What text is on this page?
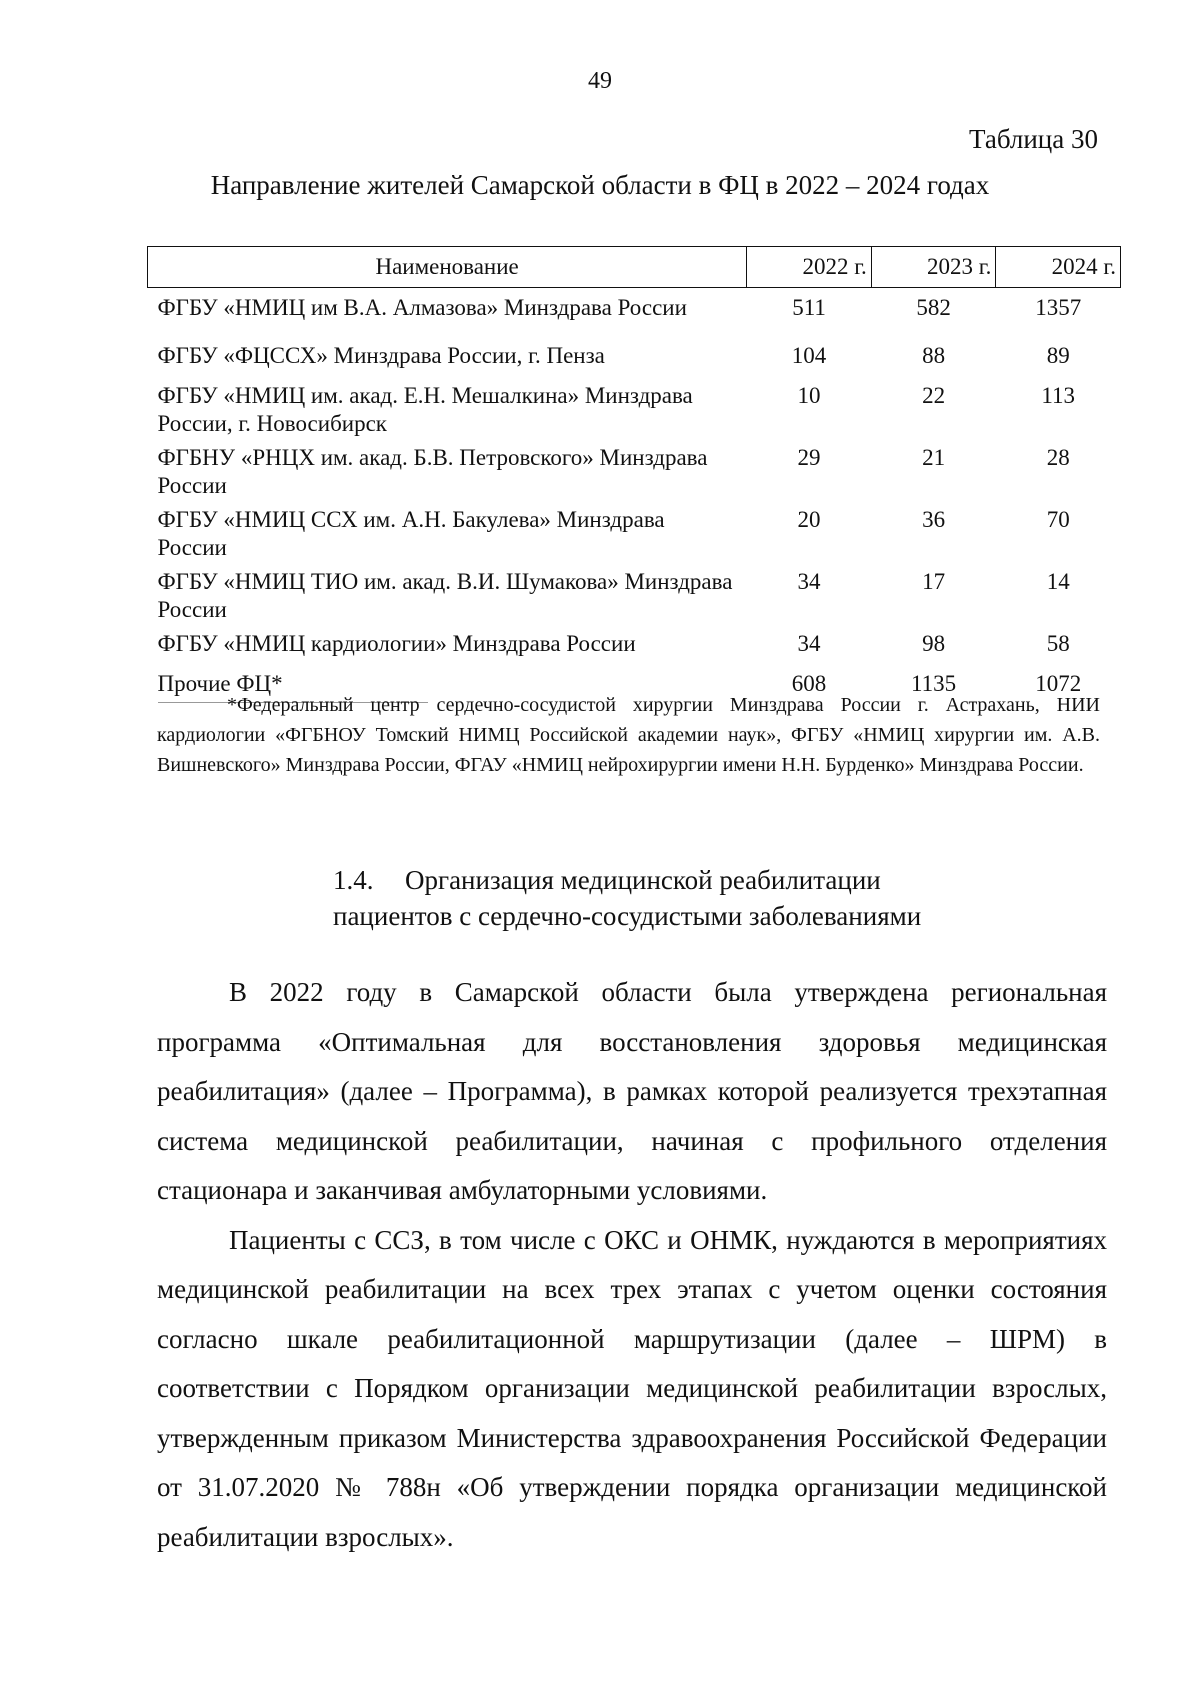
49
Таблица 30
Направление жителей Самарской области в ФЦ в 2022 – 2024 годах
Наименование	2022 г.	2023 г.	2024 г.
ФГБУ «НМИЦ им В.А. Алмазова» Минздрава России	511	582	1357
ФГБУ «ФЦССХ» Минздрава России, г. Пенза	104	88	89
ФГБУ «НМИЦ им. акад. Е.Н. Мешалкина» Минздрава России, г. Новосибирск	10	22	113
ФГБНУ «РНЦХ им. акад. Б.В. Петровского» Минздрава России	29	21	28
ФГБУ «НМИЦ ССХ им. А.Н. Бакулева» Минздрава России	20	36	70
ФГБУ «НМИЦ ТИО им. акад. В.И. Шумакова» Минздрава России	34	17	14
ФГБУ «НМИЦ кардиологии» Минздрава России	34	98	58
Прочие ФЦ*	608	1135	1072
*Федеральный центр сердечно-сосудистой хирургии Минздрава России г. Астрахань, НИИ кардиологии «ФГБНОУ Томский НИМЦ Российской академии наук», ФГБУ «НМИЦ хирургии им. А.В. Вишневского» Минздрава России, ФГАУ «НМИЦ нейрохирургии имени Н.Н. Бурденко» Минздрава России.
1.4. Организация медицинской реабилитации
пациентов с сердечно-сосудистыми заболеваниями

В 2022 году в Самарской области была утверждена региональная программа «Оптимальная для восстановления здоровья медицинская реабилитация» (далее – Программа), в рамках которой реализуется трехэтапная система медицинской реабилитации, начиная с профильного отделения стационара и заканчивая амбулаторными условиями.

Пациенты с ССЗ, в том числе с ОКС и ОНМК, нуждаются в мероприятиях медицинской реабилитации на всех трех этапах с учетом оценки состояния согласно шкале реабилитационной маршрутизации (далее – ШРМ) в соответствии с Порядком организации медицинской реабилитации взрослых, утвержденным приказом Министерства здравоохранения Российской Федерации от 31.07.2020 № 788н «Об утверждении порядка организации медицинской реабилитации взрослых».
